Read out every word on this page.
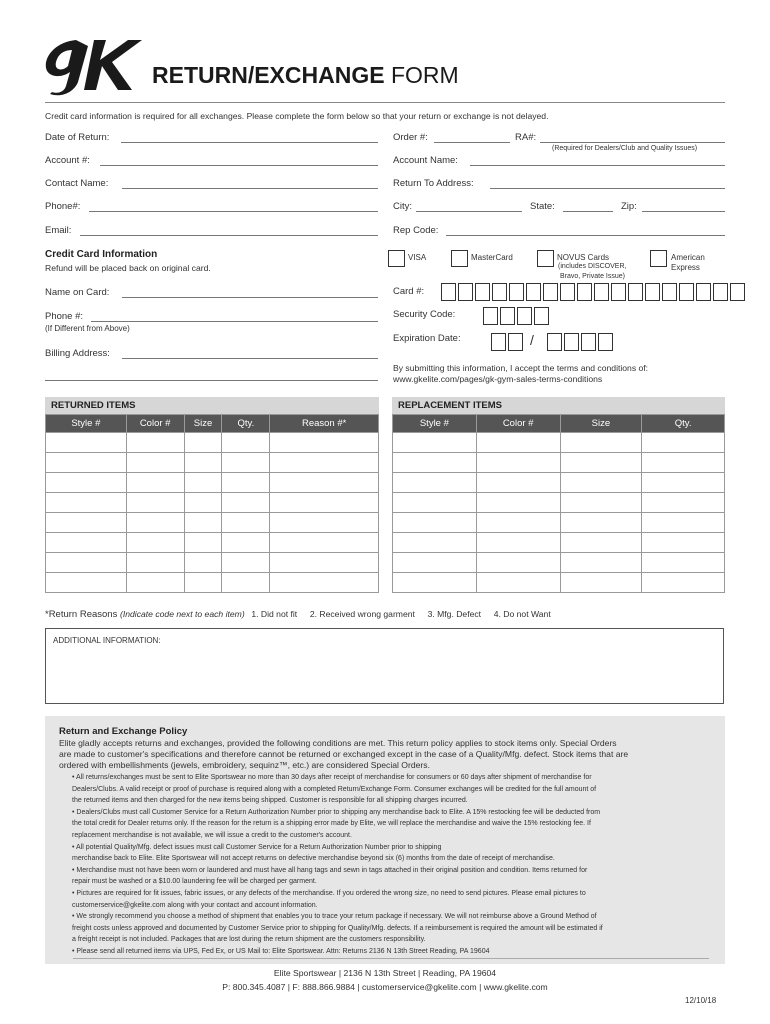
RETURN/EXCHANGE FORM
Credit card information is required for all exchanges. Please complete the form below so that your return or exchange is not delayed.
Date of Return:	Order #:	RA#:
(Required for Dealers/Club and Quality Issues)
Account #:	Account Name:
Contact Name:	Return To Address:
Phone#:	City:	State:	Zip:
Email:	Rep Code:
Credit Card Information
Refund will be placed back on original card.
VISA	MasterCard	NOVUS Cards
(includes DISCOVER,
Bravo, Private Issue)
American
Express
Name on Card:	Card #:
Phone #:
(If Different from Above)
Security Code:
Expiration Date:	/
Billing Address:
By submitting this information, I accept the terms and conditions of:
www.gkelite.com/pages/gk-gym-sales-terms-conditions
RETURNED ITEMS
Style #	Color #	Size	Qty.	Reason #*

REPLACEMENT ITEMS
Style #	Color #	Size	Qty.

*Return Reasons (Indicate code next to each item) 1. Did not fit 2. Received wrong garment 3. Mfg. Defect 4. Do not Want
ADDITIONAL INFORMATION:
Return and Exchange Policy
Elite gladly accepts returns and exchanges, provided the following conditions are met. This return policy applies to stock items only. Special Orders
are made to customer's specifications and therefore cannot be returned or exchanged except in the case of a Quality/Mfg. defect. Stock items that are
ordered with embellishments (jewels, embroidery, sequinz™, etc.) are considered Special Orders.
• All returns/exchanges must be sent to Elite Sportswear no more than 30 days after receipt of merchandise for consumers or 60 days after shipment of merchandise for
Dealers/Clubs. A valid receipt or proof of purchase is required along with a completed Return/Exchange Form. Consumer exchanges will be credited for the full amount of
the returned items and then charged for the new items being shipped. Customer is responsible for all shipping charges incurred.
• Dealers/Clubs must call Customer Service for a Return Authorization Number prior to shipping any merchandise back to Elite. A 15% restocking fee will be deducted from
the total credit for Dealer returns only. If the reason for the return is a shipping error made by Elite, we will replace the merchandise and waive the 15% restocking fee. If
replacement merchandise is not available, we will issue a credit to the customer's account.
• All potential Quality/Mfg. defect issues must call Customer Service for a Return Authorization Number prior to shipping
merchandise back to Elite. Elite Sportswear will not accept returns on defective merchandise beyond six (6) months from the date of receipt of merchandise.
• Merchandise must not have been worn or laundered and must have all hang tags and sewn in tags attached in their original position and condition. Items returned for
repair must be washed or a $10.00 laundering fee will be charged per garment.
• Pictures are required for fit issues, fabric issues, or any defects of the merchandise. If you ordered the wrong size, no need to send pictures. Please email pictures to
customerservice@gkelite.com along with your contact and account information.
• We strongly recommend you choose a method of shipment that enables you to trace your return package if necessary. We will not reimburse above a Ground Method of
freight costs unless approved and documented by Customer Service prior to shipping for Quality/Mfg. defects. If a reimbursement is required the amount will be estimated if
a freight receipt is not included. Packages that are lost during the return shipment are the customers responsibility.
• Please send all returned items via UPS, Fed Ex, or US Mail to: Elite Sportswear. Attn: Returns 2136 N 13th Street Reading, PA 19604
Elite Sportswear | 2136 N 13th Street | Reading, PA 19604
P: 800.345.4087 | F: 888.866.9884 | customerservice@gkelite.com | www.gkelite.com
12/10/18
